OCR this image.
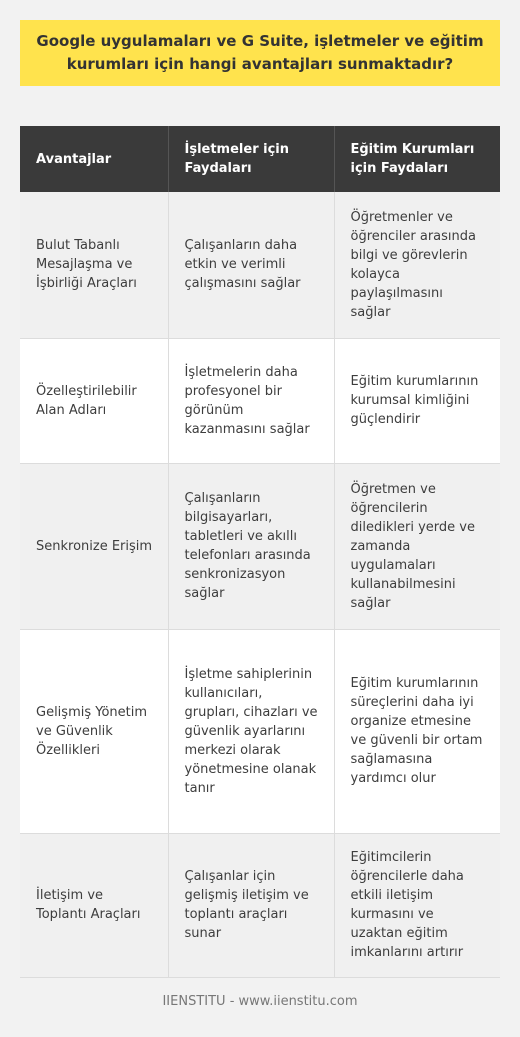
Google uygulamaları ve G Suite, işletmeler ve eğitim kurumları için hangi avantajları sunmaktadır?
Avantajlar	İşletmeler için Faydaları	Eğitim Kurumları için Faydaları
Bulut Tabanlı Mesajlaşma ve İşbirliği Araçları	Çalışanların daha etkin ve verimli çalışmasını sağlar	Öğretmenler ve öğrenciler arasında bilgi ve görevlerin kolayca paylaşılmasını sağlar
Özelleştirilebilir Alan Adları	İşletmelerin daha profesyonel bir görünüm kazanmasını sağlar	Eğitim kurumlarının kurumsal kimliğini güçlendirir
Senkronize Erişim	Çalışanların bilgisayarları, tabletleri ve akıllı telefonları arasında senkronizasyon sağlar	Öğretmen ve öğrencilerin diledikleri yerde ve zamanda uygulamaları kullanabilmesini sağlar
Gelişmiş Yönetim ve Güvenlik Özellikleri	İşletme sahiplerinin kullanıcıları, grupları, cihazları ve güvenlik ayarlarını merkezi olarak yönetmesine olanak tanır	Eğitim kurumlarının süreçlerini daha iyi organize etmesine ve güvenli bir ortam sağlamasına yardımcı olur
İletişim ve Toplantı Araçları	Çalışanlar için gelişmiş iletişim ve toplantı araçları sunar	Eğitimcilerin öğrencilerle daha etkili iletişim kurmasını ve uzaktan eğitim imkanlarını artırır
IIENSTITU - www.iienstitu.com
